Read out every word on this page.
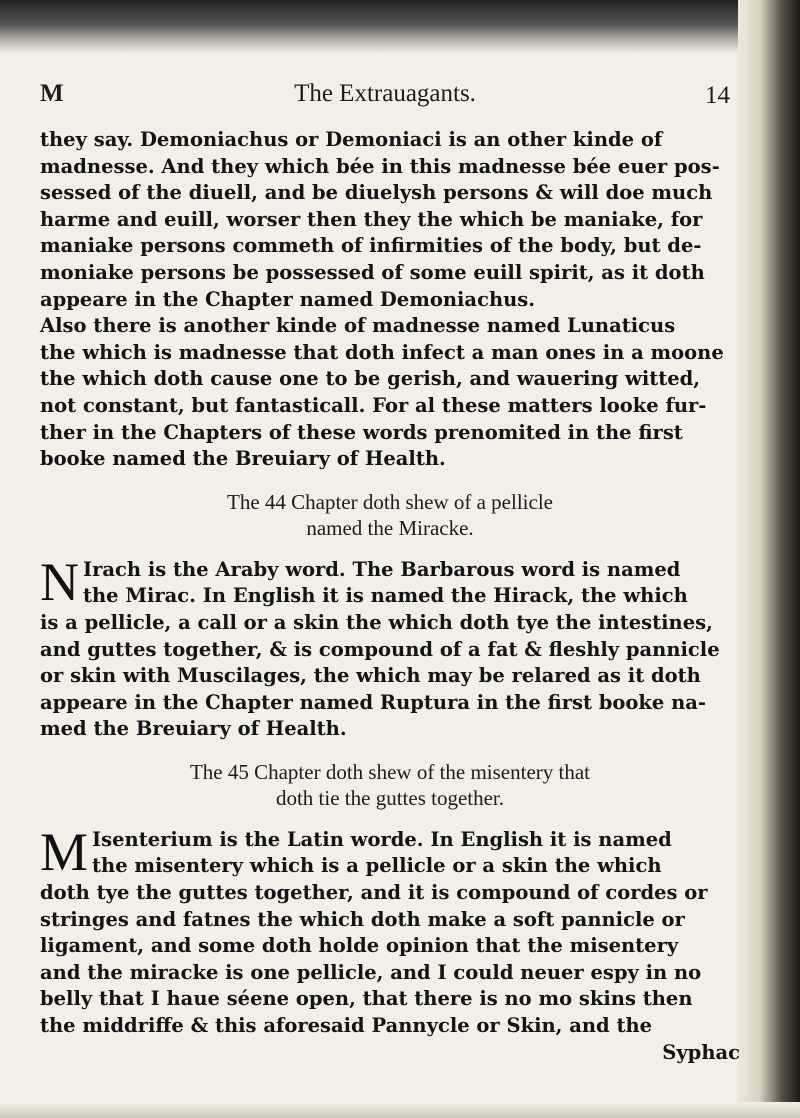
M	The Extrauagants.	14
they say. Demoniachus or Demoniaci is an other kinde of
madnesse. And they which bée in this madnesse bée euer pos-
sessed of the diuell, and be diuelysh persons & will doe much
harme and euill, worser then they the which be maniake, for
maniake persons commeth of infirmities of the body, but de-
moniake persons be possessed of some euill spirit, as it doth
appeare in the Chapter named Demoniachus.
Also there is another kinde of madnesse named Lunaticus
the which is madnesse that doth infect a man ones in a moone
the which doth cause one to be gerish, and wauering witted,
not constant, but fantasticall. For al these matters looke fur-
ther in the Chapters of these words prenomited in the first
booke named the Breuiary of Health.
The 44 Chapter doth shew of a pellicle
named the Miracke.
N Irach is the Araby word. The Barbarous word is named
the Mirac. In English it is named the Hirack, the which
is a pellicle, a call or a skin the which doth tye the intestines,
and guttes together, & is compound of a fat & fleshly pannicle
or skin with Muscilages, the which may be relared as it doth
appeare in the Chapter named Ruptura in the first booke na-
med the Breuiary of Health.
The 45 Chapter doth shew of the misentery that
doth tie the guttes together.
M Isenterium is the Latin worde. In English it is named
the misentery which is a pellicle or a skin the which
doth tye the guttes together, and it is compound of cordes or
stringes and fatnes the which doth make a soft pannicle or
ligament, and some doth holde opinion that the misentery
and the miracke is one pellicle, and I could neuer espy in no
belly that I haue séene open, that there is no mo skins then
the middriffe & this aforesaid Pannycle or Skin, and the
Syphac
